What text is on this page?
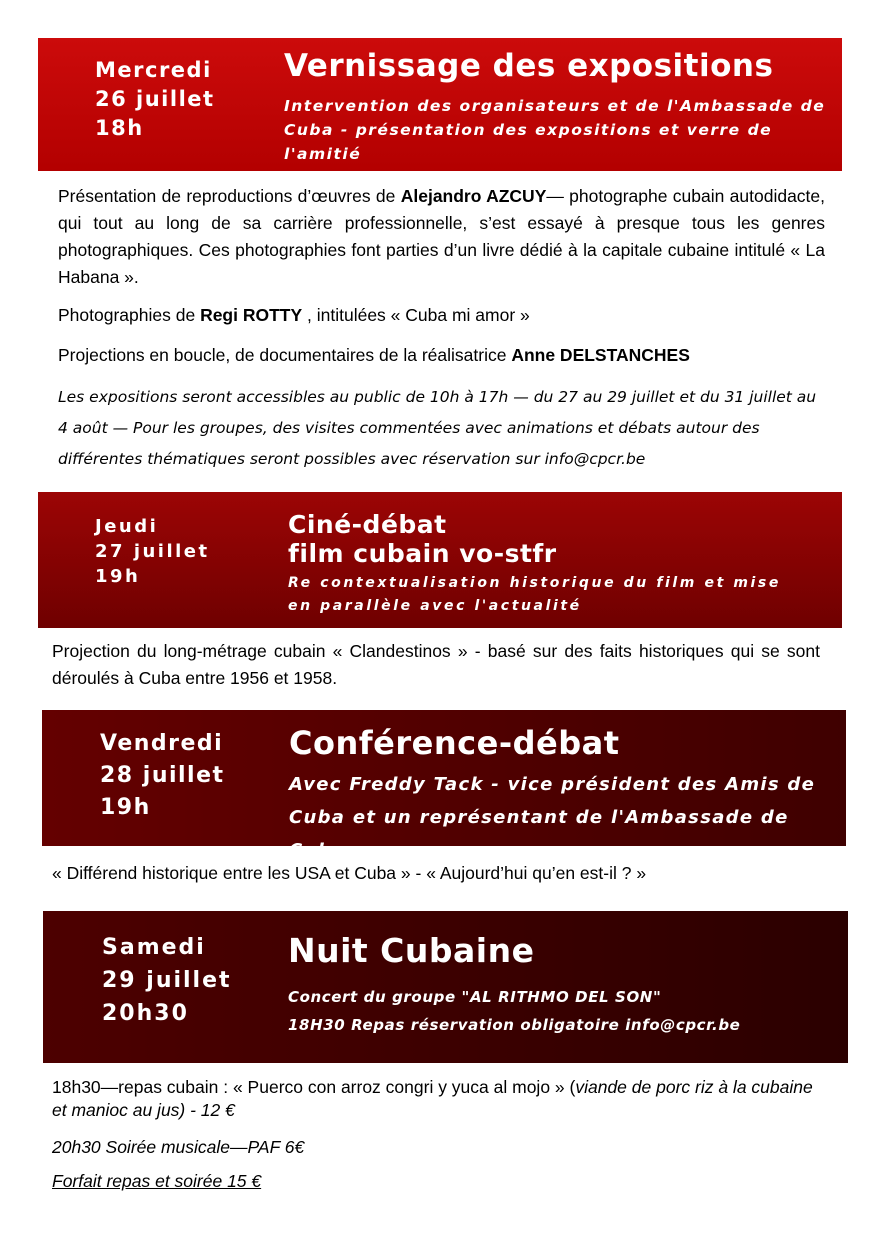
Mercredi
26 juillet
18h
Vernissage des expositions
Intervention des organisateurs et de l'Ambassade de
Cuba - présentation des expositions et verre de
l'amitié

Présentation de reproductions d’œuvres de Alejandro AZCUY— photographe cubain autodidacte, qui tout au long de sa carrière professionnelle, s’est essayé à presque tous les genres photographiques. Ces photographies font parties d’un livre dédié à la capitale cubaine intitulé « La Habana ».

Photographies de Regi ROTTY , intitulées « Cuba mi amor »

Projections en boucle, de documentaires de la réalisatrice Anne DELSTANCHES

Les expositions seront accessibles au public de 10h à 17h — du 27 au 29 juillet et du 31 juillet au 4 août — Pour les groupes, des visites commentées avec animations et débats autour des différentes thématiques seront possibles avec réservation sur info@cpcr.be
Jeudi
27 juillet
19h
Ciné-débat
film cubain vo-stfr
Re contextualisation historique du film et mise
en parallèle avec l'actualité
Projection du long-métrage cubain « Clandestinos » - basé sur des faits historiques qui se sont déroulés à Cuba entre 1956 et 1958.
Vendredi
28 juillet
19h
Conférence-débat
Avec Freddy Tack - vice président des Amis de
Cuba et un représentant de l'Ambassade de Cuba
« Différend historique entre les USA et Cuba » - « Aujourd’hui qu’en est-il ? »
Samedi
29 juillet
20h30
Nuit Cubaine
Concert du groupe "AL RITHMO DEL SON"
18H30 Repas réservation obligatoire info@cpcr.be

18h30—repas cubain : « Puerco con arroz congri y yuca al mojo » (viande de porc riz à la cubaine et manioc au jus) - 12 €

20h30 Soirée musicale—PAF 6€
Forfait repas et soirée 15 €
